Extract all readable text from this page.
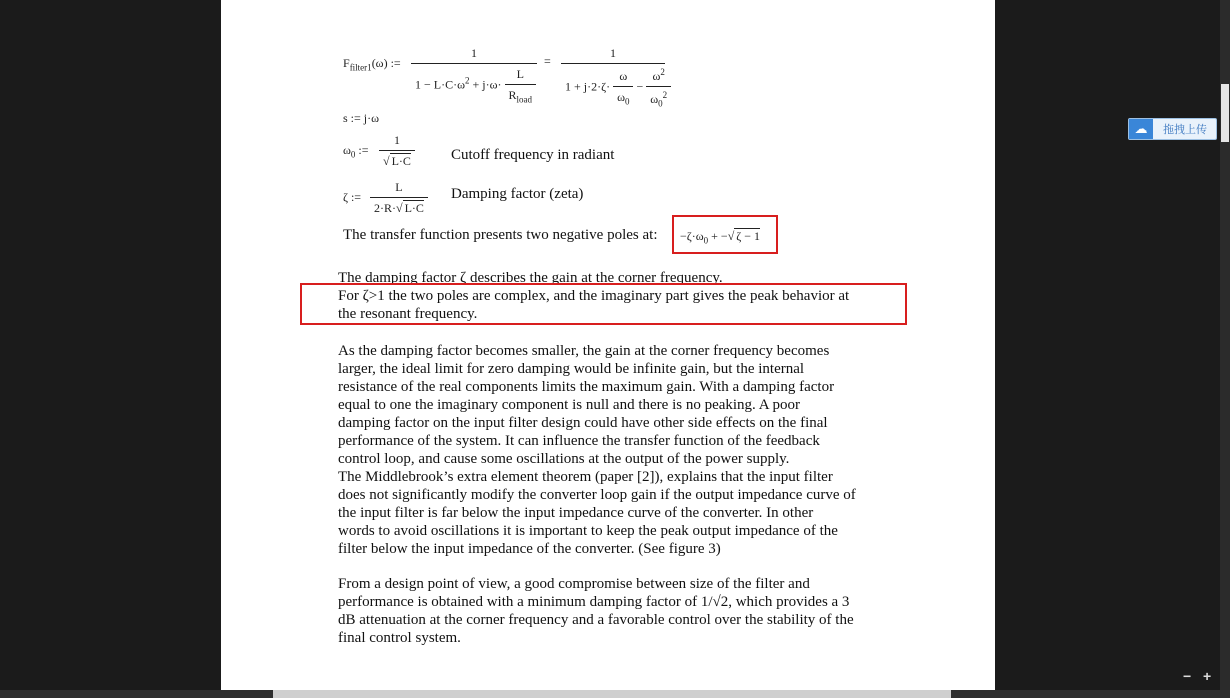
$F_{filter1}(\omega)$ :=
1
$1 - L\cdot C\cdot\omega^2 + j\cdot\omega\cdot \frac{L}{R_{load}}$
= $\frac{1}{1 + j\cdot 2\cdot\zeta\cdot \frac{\omega}{\omega_0} - \frac{\omega^2}{\omega_0^2}}$
s := j·ω
$\omega_0$ := $\frac{1}{√ L\cdot C}$ Cutoff frequency in radiant
ζ := $\frac{L}{2\cdot R\cdot√ L\cdot C}$ Damping factor (zeta)
The transfer function presents two negative poles at: $-\zeta\cdot\omega_0$ + −√ ζ − 1
The damping factor ζ describes the gain at the corner frequency.
For ζ>1 the two poles are complex, and the imaginary part gives the peak behavior at
the resonant frequency.
As the damping factor becomes smaller, the gain at the corner frequency becomes
larger, the ideal limit for zero damping would be infinite gain, but the internal
resistance of the real components limits the maximum gain. With a damping factor
equal to one the imaginary component is null and there is no peaking. A poor
damping factor on the input filter design could have other side effects on the final
performance of the system. It can influence the transfer function of the feedback
control loop, and cause some oscillations at the output of the power supply.
The Middlebrook’s extra element theorem (paper [2]), explains that the input filter
does not significantly modify the converter loop gain if the output impedance curve of
the input filter is far below the input impedance curve of the converter. In other
words to avoid oscillations it is important to keep the peak output impedance of the
filter below the input impedance of the converter. (See figure 3)
From a design point of view, a good compromise between size of the filter and
performance is obtained with a minimum damping factor of 1/√2, which provides a 3
dB attenuation at the corner frequency and a favorable control over the stability of the
final control system.
☁	拖拽上传
− +
